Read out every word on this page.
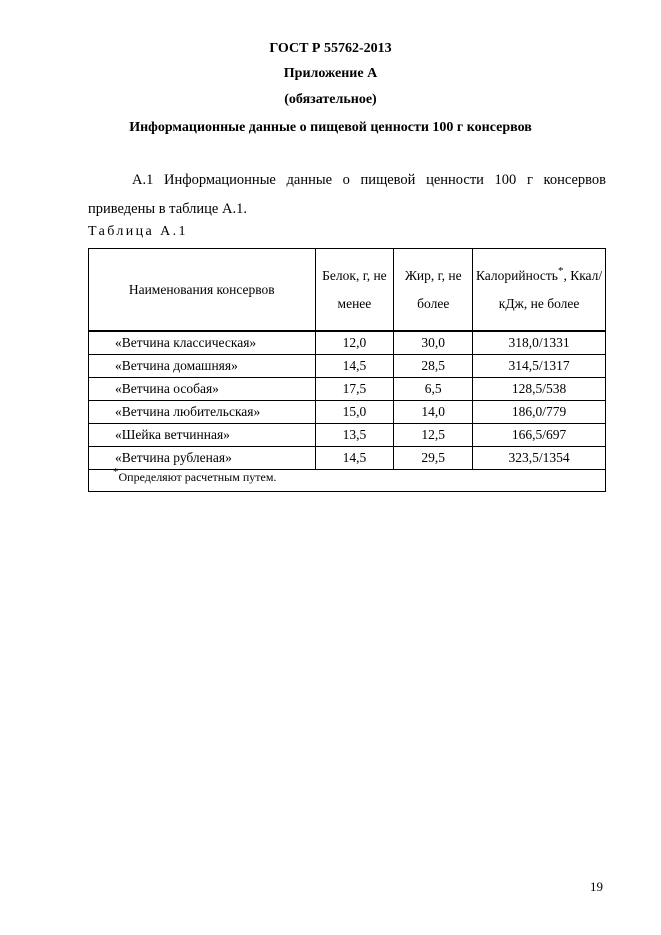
ГОСТ Р 55762-2013
Приложение А
(обязательное)
Информационные данные о пищевой ценности 100 г консервов
А.1 Информационные данные о пищевой ценности 100 г консервов приведены в таблице А.1.
Таблица А.1
Наименования консервов	Белок, г, не менее	Жир, г, не более	Калорийность*, Ккал/кДж, не более
«Ветчина классическая»	12,0	30,0	318,0/1331
«Ветчина домашняя»	14,5	28,5	314,5/1317
«Ветчина особая»	17,5	6,5	128,5/538
«Ветчина любительская»	15,0	14,0	186,0/779
«Шейка ветчинная»	13,5	12,5	166,5/697
«Ветчина рубленая»	14,5	29,5	323,5/1354
*Определяют расчетным путем.			
19
